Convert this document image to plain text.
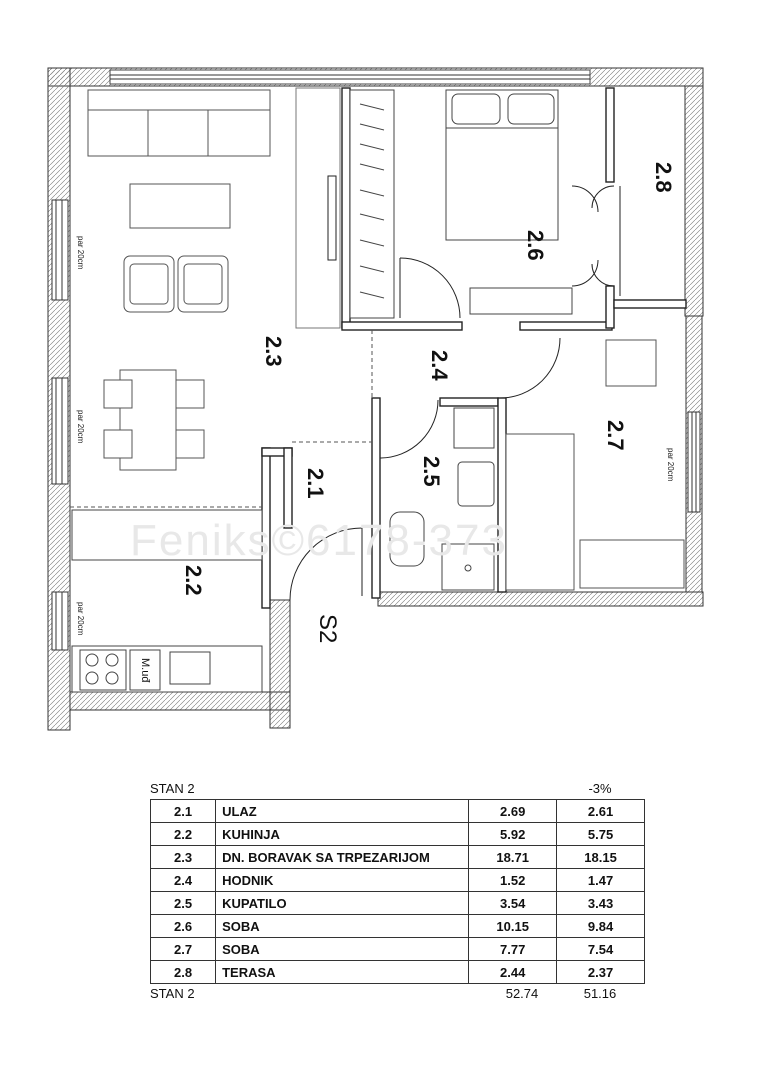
Feniks©6178-373
par 20cm
par 20cm
par 20cm
par 20cm
M.uđ
2.1
2.2
2.3	2.4
2.5
2.6
2.7
2.8
S2
STAN 2	-3%
2.1	ULAZ	2.69	2.61
2.2	KUHINJA	5.92	5.75
2.3	DN. BORAVAK SA TRPEZARIJOM	18.71	18.15
2.4	HODNIK	1.52	1.47
2.5	KUPATILO	3.54	3.43
2.6	SOBA	10.15	9.84
2.7	SOBA	7.77	7.54
2.8	TERASA	2.44	2.37
STAN 2	52.74	51.16
